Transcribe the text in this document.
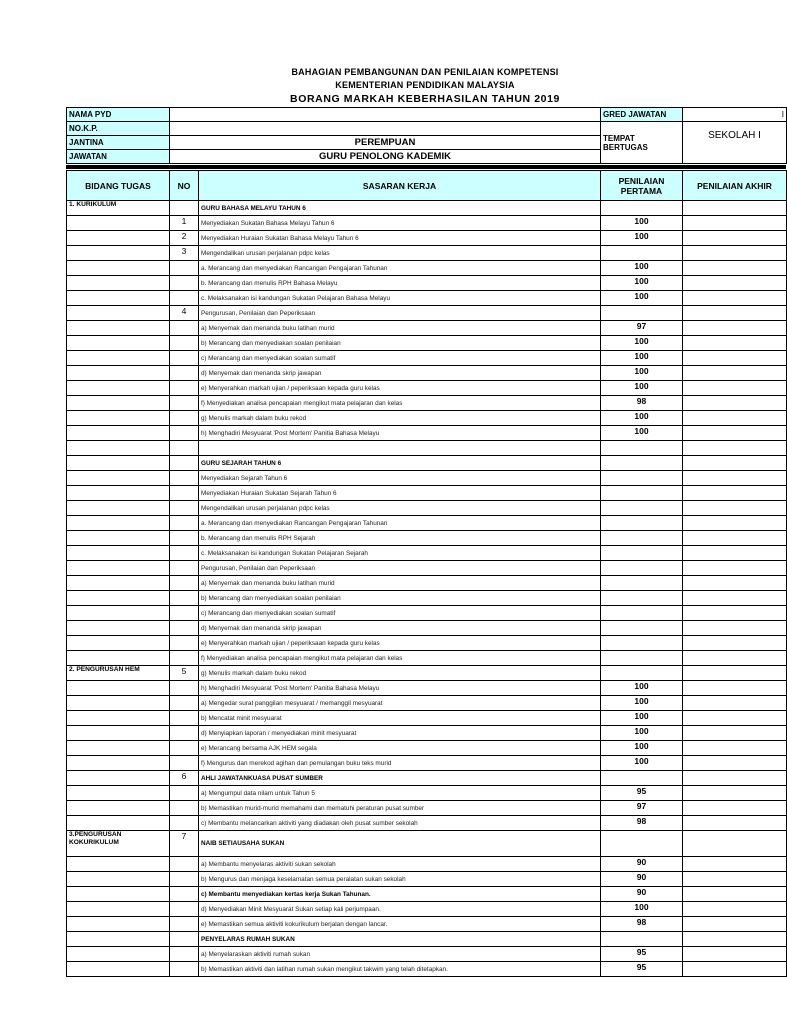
BAHAGIAN PEMBANGUNAN DAN PENILAIAN KOMPETENSI
KEMENTERIAN PENDIDIKAN MALAYSIA
BORANG MARKAH KEBERHASILAN TAHUN 2019
NAMA PYD		GRED JAWATAN	I
NO.K.P.		TEMPAT BERTUGAS	SEKOLAH I
JANTINA	PEREMPUAN		
JAWATAN	GURU PENOLONG KADEMIK		
BIDANG TUGAS	NO	SASARAN KERJA	PENILAIAN PERTAMA	PENILAIAN AKHIR
1. KURIKULUM		GURU BAHASA MELAYU TAHUN 6		
	1	Menyediakan Sukatan Bahasa Melayu Tahun 6	100	
	2	Menyediakan Huraian Sukatan Bahasa Melayu Tahun 6	100	
	3	Mengendalikan urusan perjalanan pdpc kelas		
		a. Merancang dan menyediakan Rancangan Pengajaran Tahunan	100	
		b. Merancang dan menulis RPH Bahasa Melayu	100	
		c. Melaksanakan isi kandungan Sukatan Pelajaran Bahasa Melayu	100	
	4	Pengurusan, Penilaian dan Peperiksaan		
		a) Menyemak dan menanda buku latihan murid	97	
		b) Merancang dan menyediakan soalan penilaian	100	
		c) Merancang dan menyediakan soalan sumatif	100	
		d) Menyemak dan menanda skrip jawapan	100	
		e) Menyerahkan markah ujian / peperiksaan kepada guru kelas	100	
		f) Menyediakan analisa pencapaian mengikut mata pelajaran dan kelas	98	
		g) Menulis markah dalam buku rekod	100	
		h) Menghadiri Mesyuarat 'Post Mortem' Panitia Bahasa Melayu	100	

		GURU SEJARAH TAHUN 6		
		Menyediakan Sejarah Tahun 6		
		Menyediakan Huraian Sukatan Sejarah Tahun 6		
		Mengendalikan urusan perjalanan pdpc kelas		
		a. Merancang dan menyediakan Rancangan Pengajaran Tahunan		
		b. Merancang dan menulis RPH Sejarah		
		c. Melaksanakan isi kandungan Sukatan Pelajaran Sejarah		
		Pengurusan, Penilaian dan Peperiksaan		
		a) Menyemak dan menanda buku latihan murid		
		b) Merancang dan menyediakan soalan penilaian		
		c) Merancang dan menyediakan soalan sumatif		
		d) Menyemak dan menanda skrip jawapan		
		e) Menyerahkan markah ujian / peperiksaan kepada guru kelas		
		f) Menyediakan analisa pencapaian mengikut mata pelajaran dan kelas		
2. PENGURUSAN HEM	5	g) Menulis markah dalam buku rekod		
		h) Menghadiri Mesyuarat 'Post Mortem' Panitia Bahasa Melayu	100	
		a) Mengedar surat panggilan mesyuarat / memanggil mesyuarat	100	
		b) Mencatat minit mesyuarat	100	
		d) Menyiapkan laporan / menyediakan minit mesyuarat	100	
		e) Merancang bersama AJK HEM segala	100	
		f) Mengurus dan merekod agihan dan pemulangan buku teks murid	100	
	6	AHLI JAWATANKUASA PUSAT SUMBER		
		a) Mengumpul data nilam untuk Tahun 5	95	
		b) Memastikan murid-murid memahami dan mematuhi peraturan pusat sumber	97	
		c) Membantu melancarkan aktiviti yang diadakan oleh pusat sumber sekolah	98	
3.PENGURUSAN KOKURIKULUM	7	NAIB SETIAUSAHA SUKAN		
		a) Membantu menyelaras aktiviti sukan sekolah	90	
		b) Mengurus dan menjaga keselamatan semua peralatan sukan sekolah	90	
		c) Membantu menyediakan kertas kerja Sukan Tahunan.	90	
		d) Menyediakan Minit Mesyuarat Sukan setiap kali perjumpaan.	100	
		e) Memastikan semua aktiviti kokurikulum berjalan dengan lancar.	98	
		PENYELARAS RUMAH SUKAN		
		a) Menyelaraskan aktiviti rumah sukan	95	
		b) Memastikan aktiviti dan latihan rumah sukan mengikut takwim yang telah ditetapkan.	95	
